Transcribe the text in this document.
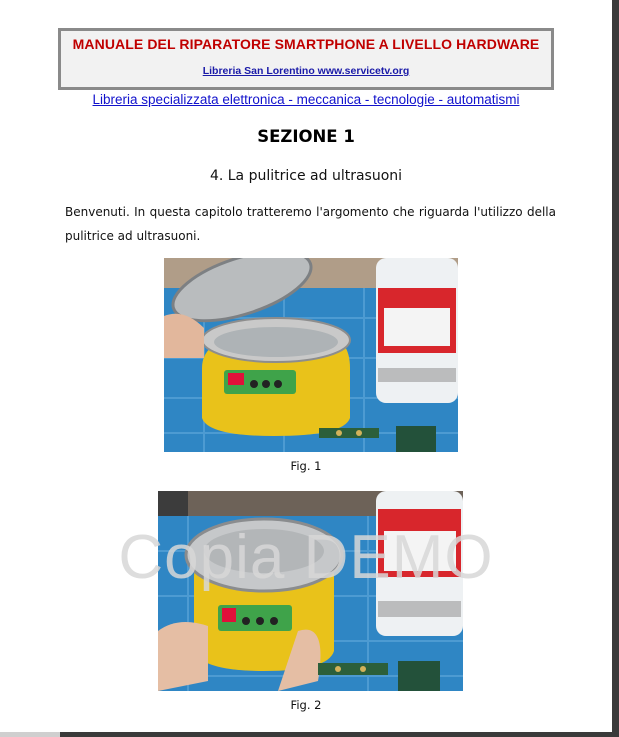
MANUALE DEL RIPARATORE SMARTPHONE A LIVELLO HARDWARE
Libreria San Lorentino www.servicetv.org
Libreria specializzata elettronica - meccanica - tecnologie - automatismi
SEZIONE 1
4. La pulitrice ad ultrasuoni
Benvenuti. In questa capitolo tratteremo l'argomento che riguarda l'utilizzo della pulitrice ad ultrasuoni.
Fig. 1
Fig. 2
Copia DEMO
